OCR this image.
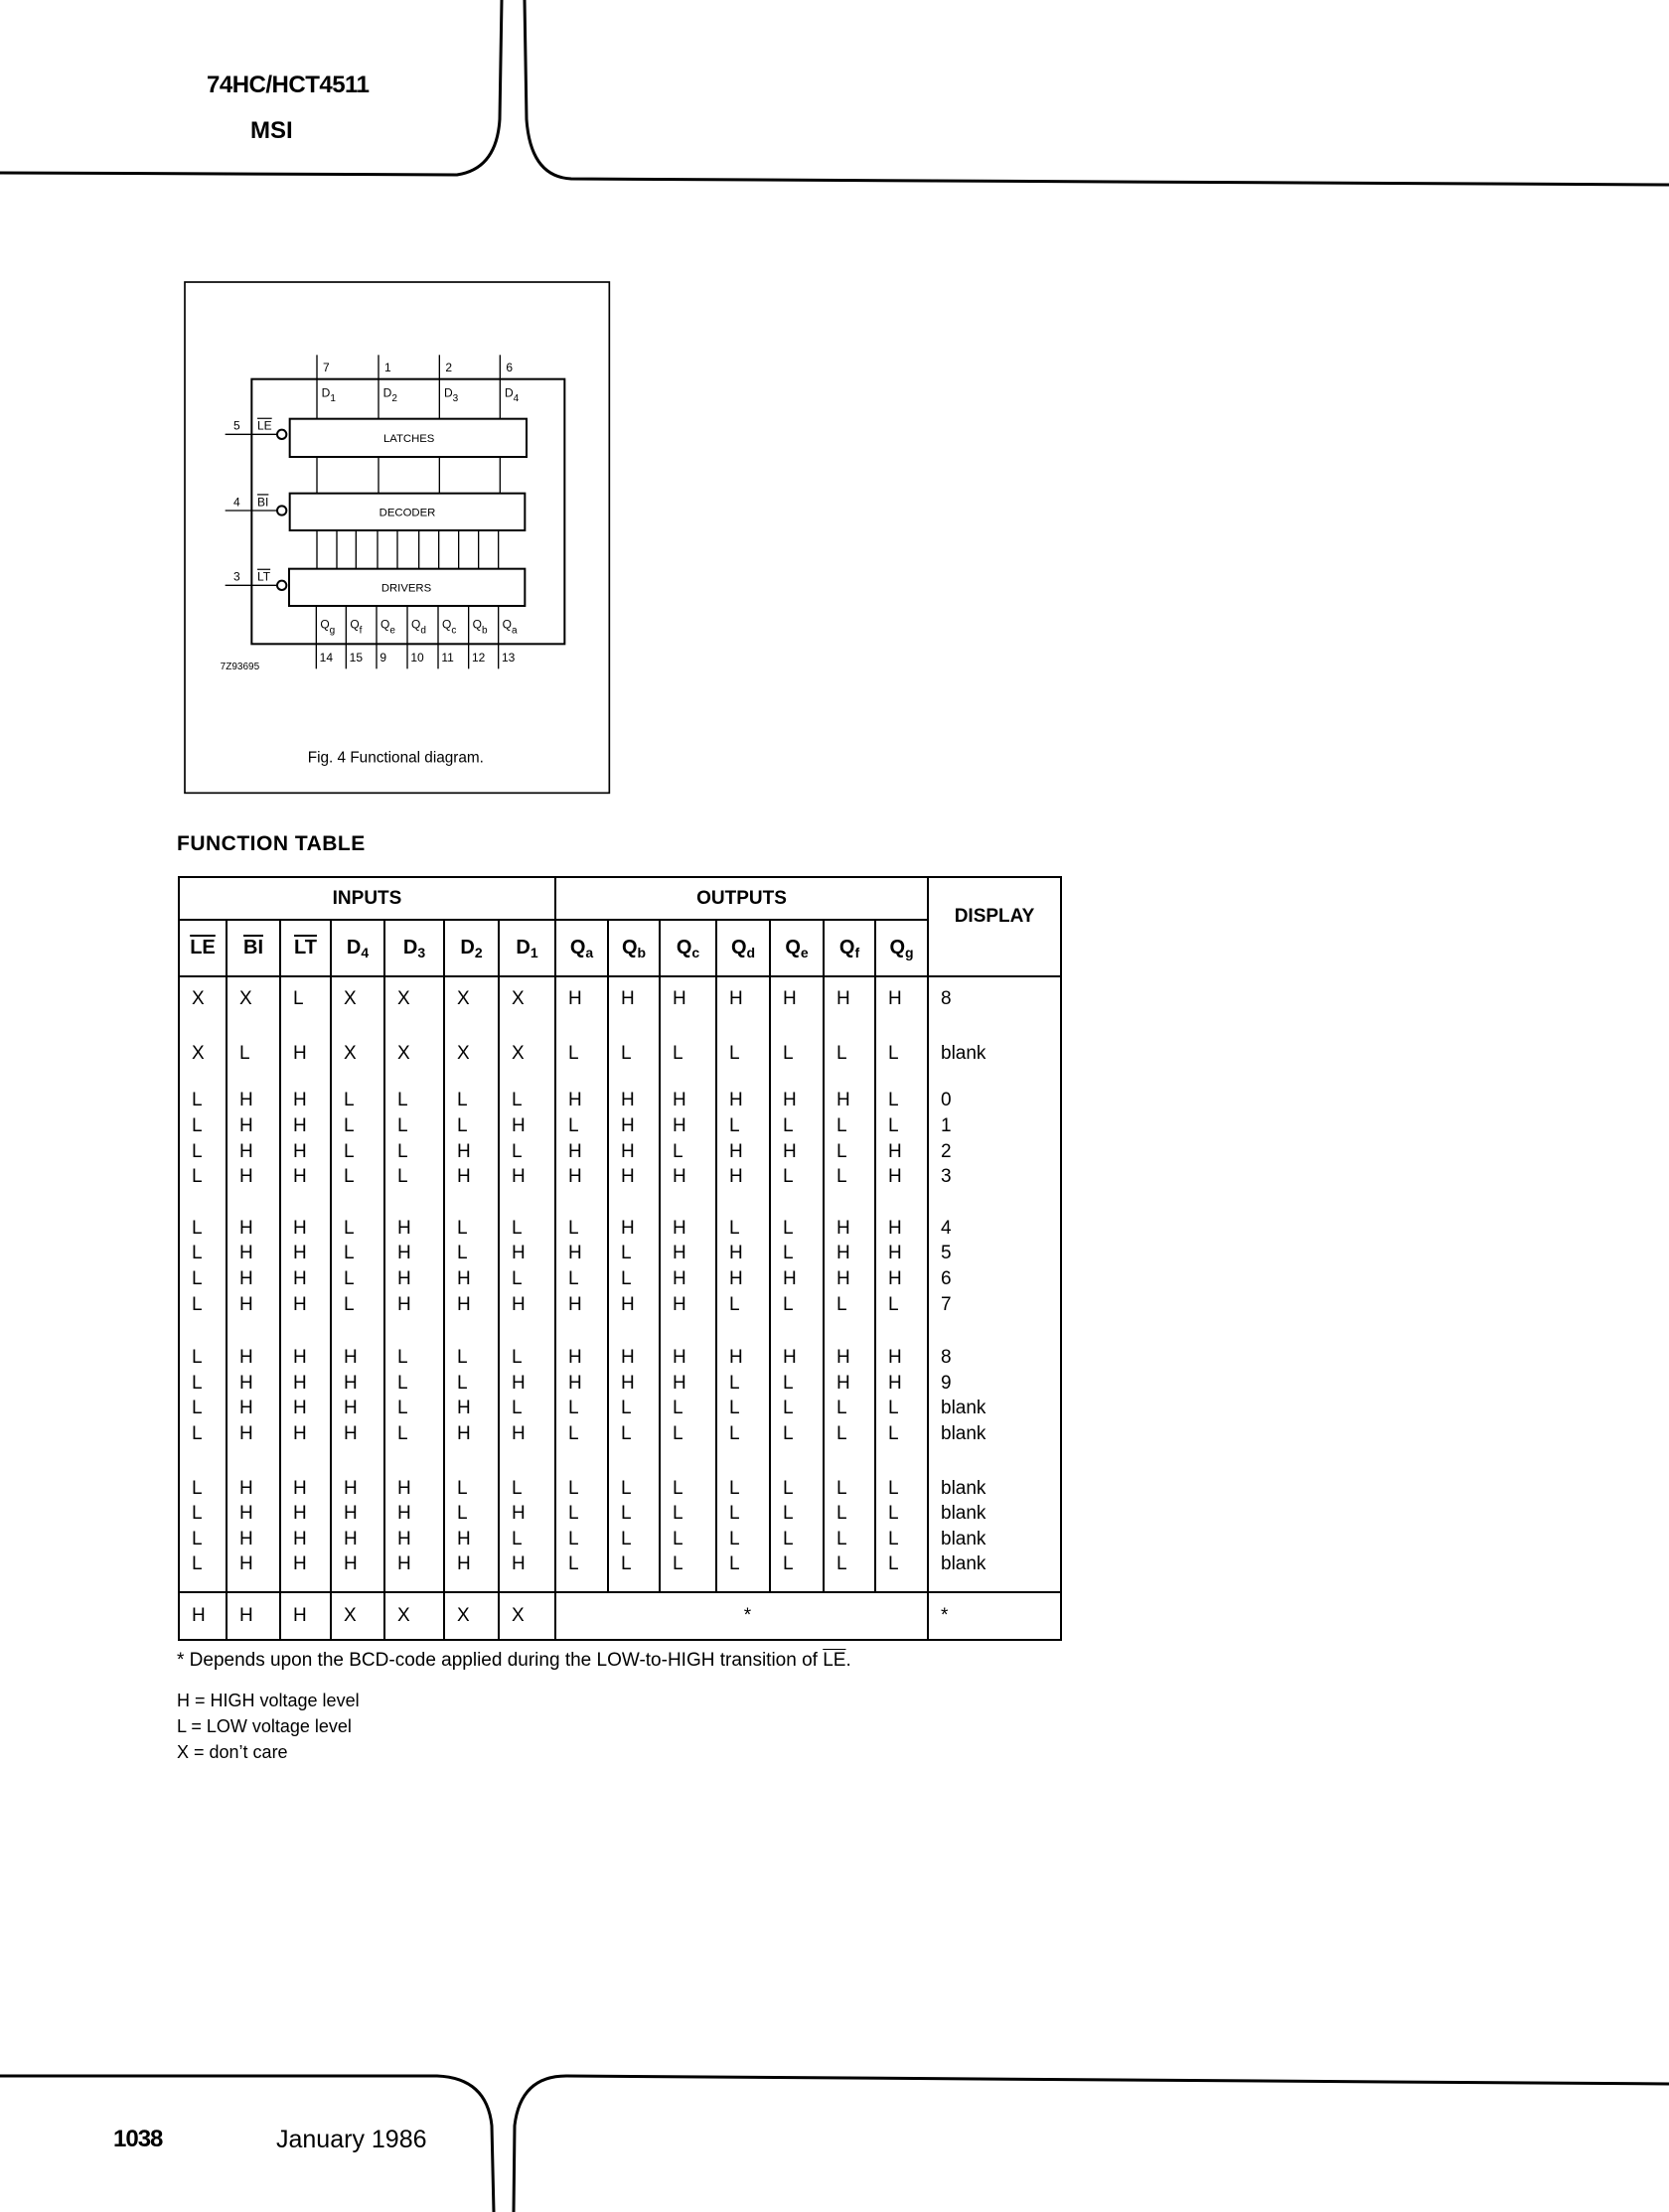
74HC/HCT4511
MSI
7
$D_1$
1
$D_2$
2
$D_3$
6
$D_4$
$Q_g$
14
$Q_f$
15
$Q_e$
9
$Q_d$
10
$Q_c$
11
$Q_b$
12
$Q_a$
13
5 LE
4 BI
3 LT
LATCHES
DECODER
DRIVERS
7Z93695
Fig. 4 Functional diagram.
FUNCTION TABLE
INPUTS							OUTPUTS							DISPLAY
$\overline{LE}$	$\overline{BI}$	$\overline{LT}$	$D_4$	$D_3$	$D_2$	$D_1$	$Q_a$	$Q_b$	$Q_c$	$Q_d$	$Q_e$	$Q_f$	$Q_g$

X	X	L	X	X	X	X	H	H	H	H	H	H	H	8

X	L	H	X	X	X	X	L	L	L	L	L	L	L	blank

L	H	H	L	L	L	L	H	H	H	H	H	H	L	0
L	H	H	L	L	L	H	L	H	H	L	L	L	L	1
L	H	H	L	L	H	L	H	H	L	H	H	L	H	2
L	H	H	L	L	H	H	H	H	H	H	L	L	H	3

L	H	H	L	H	L	L	L	H	H	L	L	H	H	4
L	H	H	L	H	L	H	H	L	H	H	L	H	H	5
L	H	H	L	H	H	L	L	L	H	H	H	H	H	6
L	H	H	L	H	H	H	H	H	H	L	L	L	L	7

L	H	H	H	L	L	L	H	H	H	H	H	H	H	8
L	H	H	H	L	L	H	H	H	H	L	L	H	H	9
L	H	H	H	L	H	L	L	L	L	L	L	L	L	blank
L	H	H	H	L	H	H	L	L	L	L	L	L	L	blank

L	H	H	H	H	L	L	L	L	L	L	L	L	L	blank
L	H	H	H	H	L	H	L	L	L	L	L	L	L	blank
L	H	H	H	H	H	L	L	L	L	L	L	L	L	blank
L	H	H	H	H	H	H	L	L	L	L	L	L	L	blank

H	H	H	X	X	X	X	*							*
* Depends upon the BCD-code applied during the LOW-to-HIGH transition of $\overline{LE}$.
H = HIGH voltage level
L = LOW voltage level
X = don’t care
1038	January 1986
